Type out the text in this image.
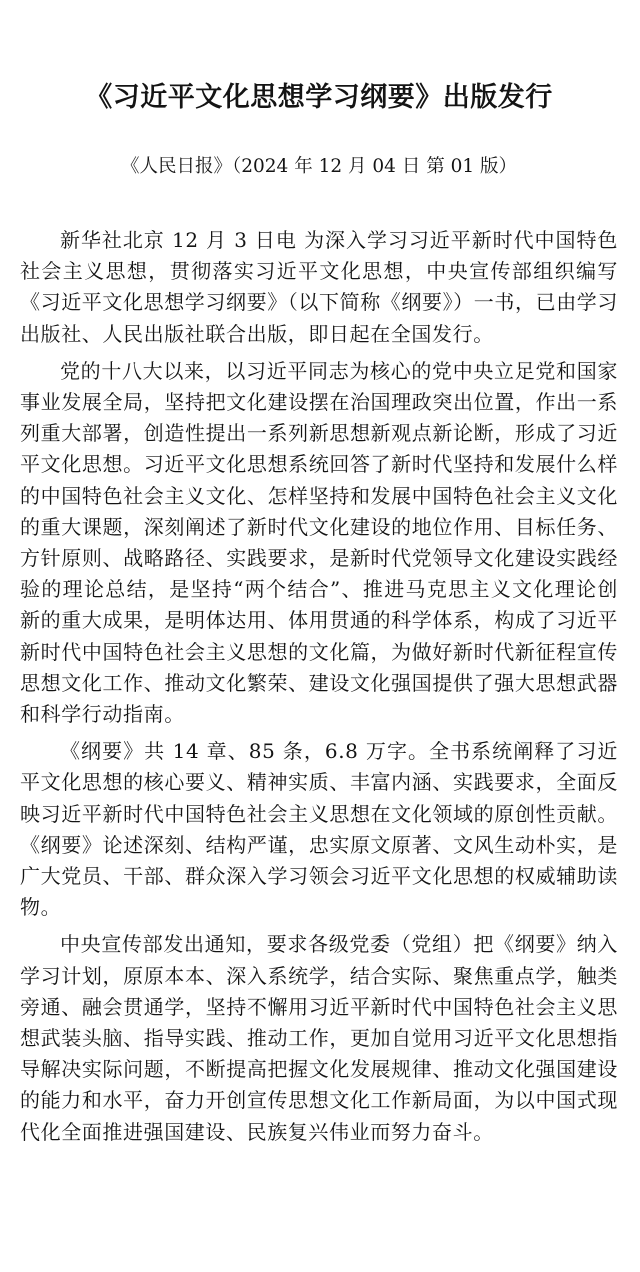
《习近平文化思想学习纲要》出版发行

《人民日报》（2024 年 12 月 04 日 第 01 版）

新华社北京 12 月 3 日电 为深入学习习近平新时代中国特色社会主义思想，贯彻落实习近平文化思想，中央宣传部组织编写《习近平文化思想学习纲要》（以下简称《纲要》）一书，已由学习出版社、人民出版社联合出版，即日起在全国发行。

党的十八大以来，以习近平同志为核心的党中央立足党和国家事业发展全局，坚持把文化建设摆在治国理政突出位置，作出一系列重大部署，创造性提出一系列新思想新观点新论断，形成了习近平文化思想。习近平文化思想系统回答了新时代坚持和发展什么样的中国特色社会主义文化、怎样坚持和发展中国特色社会主义文化的重大课题，深刻阐述了新时代文化建设的地位作用、目标任务、方针原则、战略路径、实践要求，是新时代党领导文化建设实践经验的理论总结，是坚持“两个结合”、推进马克思主义文化理论创新的重大成果，是明体达用、体用贯通的科学体系，构成了习近平新时代中国特色社会主义思想的文化篇，为做好新时代新征程宣传思想文化工作、推动文化繁荣、建设文化强国提供了强大思想武器和科学行动指南。

《纲要》共 14 章、85 条，6.8 万字。全书系统阐释了习近平文化思想的核心要义、精神实质、丰富内涵、实践要求，全面反映习近平新时代中国特色社会主义思想在文化领域的原创性贡献。《纲要》论述深刻、结构严谨，忠实原文原著、文风生动朴实，是广大党员、干部、群众深入学习领会习近平文化思想的权威辅助读物。

中央宣传部发出通知，要求各级党委（党组）把《纲要》纳入学习计划，原原本本、深入系统学，结合实际、聚焦重点学，触类旁通、融会贯通学，坚持不懈用习近平新时代中国特色社会主义思想武装头脑、指导实践、推动工作，更加自觉用习近平文化思想指导解决实际问题，不断提高把握文化发展规律、推动文化强国建设的能力和水平，奋力开创宣传思想文化工作新局面，为以中国式现代化全面推进强国建设、民族复兴伟业而努力奋斗。
